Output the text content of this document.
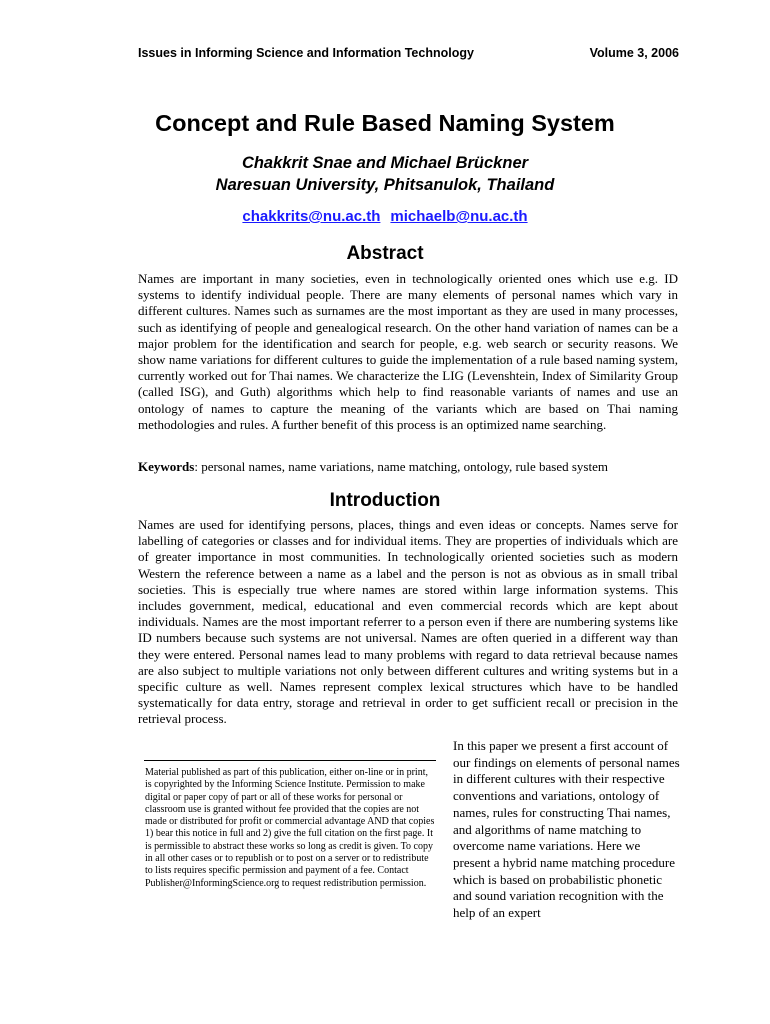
Issues in Informing Science and Information Technology	Volume 3, 2006
Concept and Rule Based Naming System
Chakkrit Snae and Michael Brückner
Naresuan University, Phitsanulok, Thailand
chakkrits@nu.ac.th michaelb@nu.ac.th
Abstract
Names are important in many societies, even in technologically oriented ones which use e.g. ID systems to identify individual people. There are many elements of personal names which vary in different cultures. Names such as surnames are the most important as they are used in many processes, such as identifying of people and genealogical research. On the other hand variation of names can be a major problem for the identification and search for people, e.g. web search or security reasons. We show name variations for different cultures to guide the implementation of a rule based naming system, currently worked out for Thai names. We characterize the LIG (Levenshtein, Index of Similarity Group (called ISG), and Guth) algorithms which help to find reasonable variants of names and use an ontology of names to capture the meaning of the variants which are based on Thai naming methodologies and rules. A further benefit of this process is an optimized name searching.
Keywords: personal names, name variations, name matching, ontology, rule based system
Introduction
Names are used for identifying persons, places, things and even ideas or concepts. Names serve for labelling of categories or classes and for individual items. They are properties of individuals which are of greater importance in most communities. In technologically oriented societies such as modern Western the reference between a name as a label and the person is not as obvious as in small tribal societies. This is especially true where names are stored within large information systems. This includes government, medical, educational and even commercial records which are kept about individuals. Names are the most important referrer to a person even if there are numbering systems like ID numbers because such systems are not universal. Names are often queried in a different way than they were entered. Personal names lead to many problems with regard to data retrieval because names are also subject to multiple variations not only between different cultures and writing systems but in a specific culture as well. Names represent complex lexical structures which have to be handled systematically for data entry, storage and retrieval in order to get sufficient recall or precision in the retrieval process.
Material published as part of this publication, either on-line or in print, is copyrighted by the Informing Science Institute. Permission to make digital or paper copy of part or all of these works for personal or classroom use is granted without fee provided that the copies are not made or distributed for profit or commercial advantage AND that copies 1) bear this notice in full and 2) give the full citation on the first page. It is permissible to abstract these works so long as credit is given. To copy in all other cases or to republish or to post on a server or to redistribute to lists requires specific permission and payment of a fee. Contact Publisher@InformingScience.org to request redistribution permission.
In this paper we present a first account of our findings on elements of personal names in different cultures with their respective conventions and variations, ontology of names, rules for constructing Thai names, and algorithms of name matching to overcome name variations. Here we present a hybrid name matching procedure which is based on probabilistic phonetic and sound variation recognition with the help of an expert
